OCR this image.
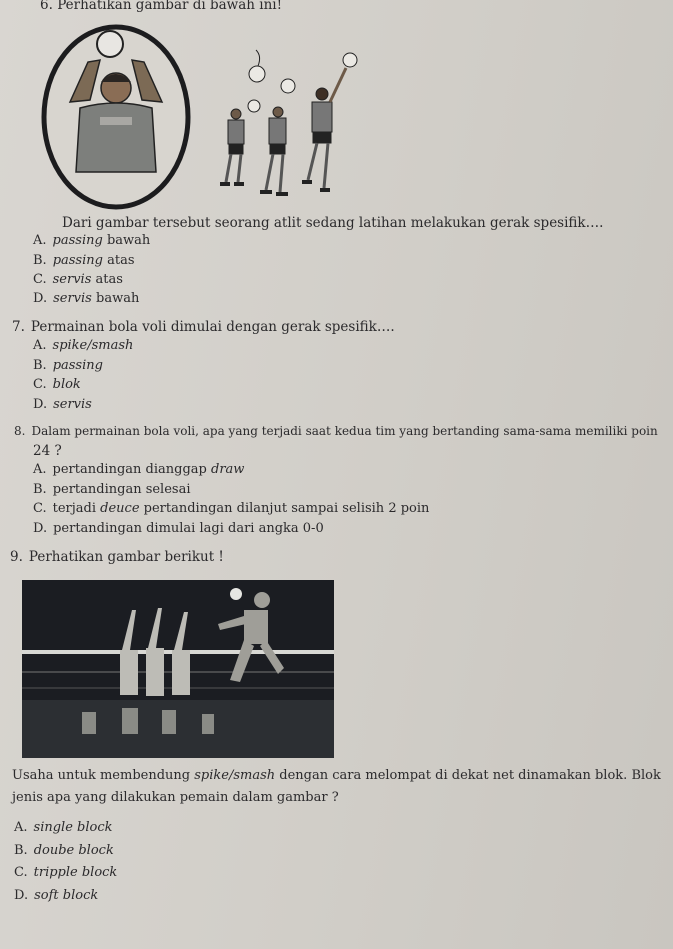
6. Perhatikan gambar di bawah ini!
Dari gambar tersebut seorang atlit sedang latihan melakukan gerak spesifik….
A. passing bawah
B. passing atas
C. servis atas
D. servis bawah
7. Permainan bola voli dimulai dengan gerak spesifik….
A. spike/smash
B. passing
C. blok
D. servis
8. Dalam permainan bola voli, apa yang terjadi saat kedua tim yang bertanding sama-sama memiliki poin
24 ?
A. pertandingan dianggap draw
B. pertandingan selesai
C. terjadi deuce pertandingan dilanjut sampai selisih 2 poin
D. pertandingan dimulai lagi dari angka 0-0
9. Perhatikan gambar berikut !
Usaha untuk membendung spike/smash dengan cara melompat di dekat net dinamakan blok. Blok
jenis apa yang dilakukan pemain dalam gambar ?
A. single block
B. doube block
C. tripple block
D. soft block
